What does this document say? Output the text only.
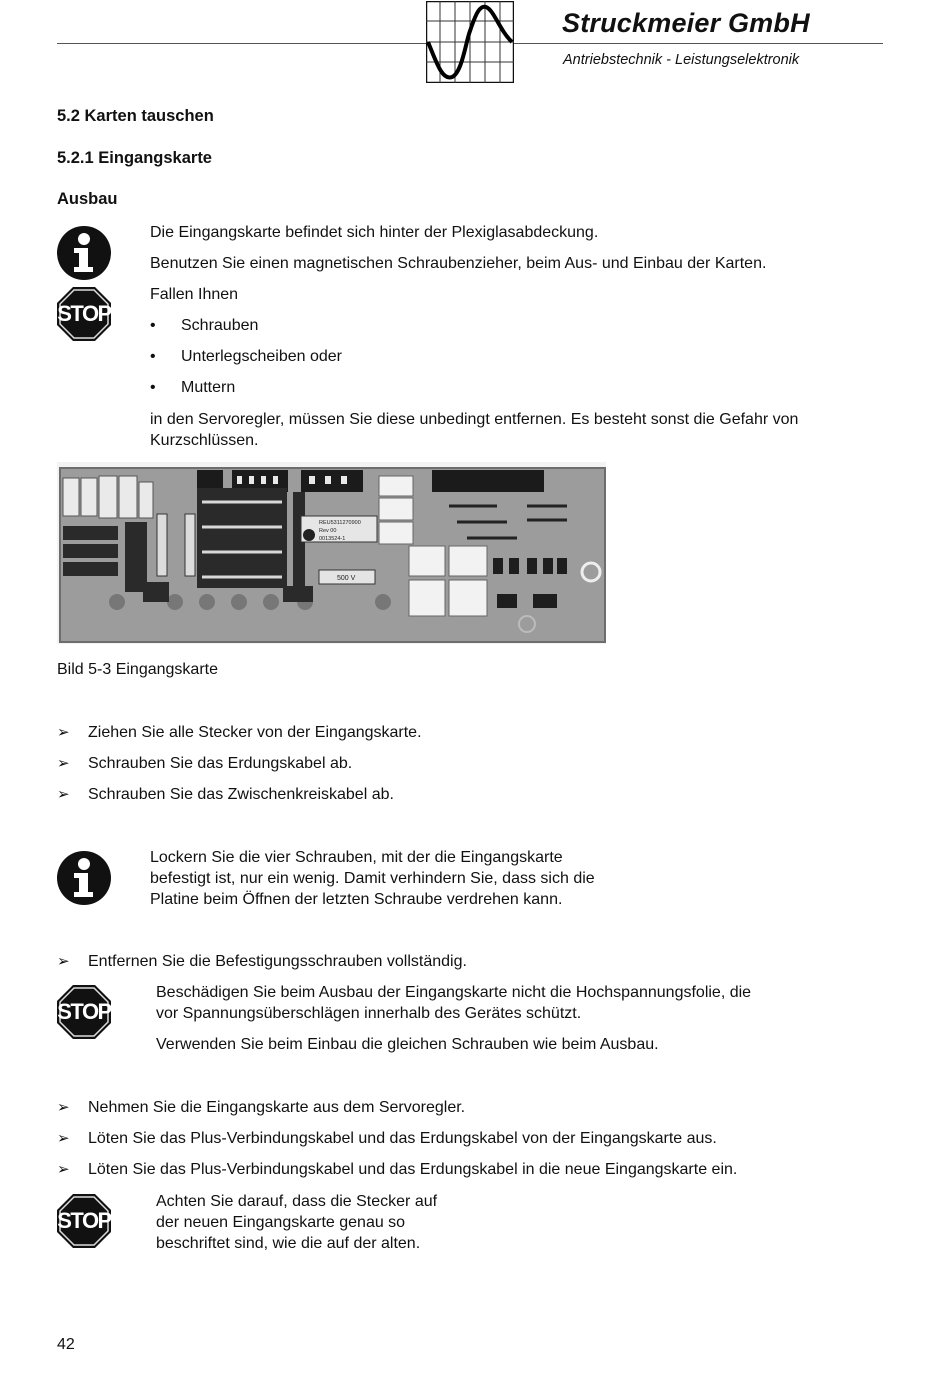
Struckmeier GmbH
Antriebstechnik - Leistungselektronik
5.2 Karten tauschen
5.2.1 Eingangskarte
Ausbau
STOP
Die Eingangskarte befindet sich hinter der Plexiglasabdeckung.
Benutzen Sie einen magnetischen Schraubenzieher, beim Aus- und Einbau der Karten.
Fallen Ihnen
• Schrauben
• Unterlegscheiben oder
• Muttern
in den Servoregler, müssen Sie diese unbedingt entfernen. Es besteht sonst die Gefahr von
Kurzschlüssen.
REU5311270900
Rev 00
0013524-1
500 V
Bild 5-3 Eingangskarte
➢ Ziehen Sie alle Stecker von der Eingangskarte.
➢ Schrauben Sie das Erdungskabel ab.
➢ Schrauben Sie das Zwischenkreiskabel ab.
Lockern Sie die vier Schrauben, mit der die Eingangskarte
befestigt ist, nur ein wenig. Damit verhindern Sie, dass sich die
Platine beim Öffnen der letzten Schraube verdrehen kann.
➢ Entfernen Sie die Befestigungsschrauben vollständig.
STOP
Beschädigen Sie beim Ausbau der Eingangskarte nicht die Hochspannungsfolie, die
vor Spannungsüberschlägen innerhalb des Gerätes schützt.
Verwenden Sie beim Einbau die gleichen Schrauben wie beim Ausbau.
➢ Nehmen Sie die Eingangskarte aus dem Servoregler.
➢ Löten Sie das Plus-Verbindungskabel und das Erdungskabel von der Eingangskarte aus.
➢ Löten Sie das Plus-Verbindungskabel und das Erdungskabel in die neue Eingangskarte ein.
STOP
Achten Sie darauf, dass die Stecker auf
der neuen Eingangskarte genau so
beschriftet sind, wie die auf der alten.
42
